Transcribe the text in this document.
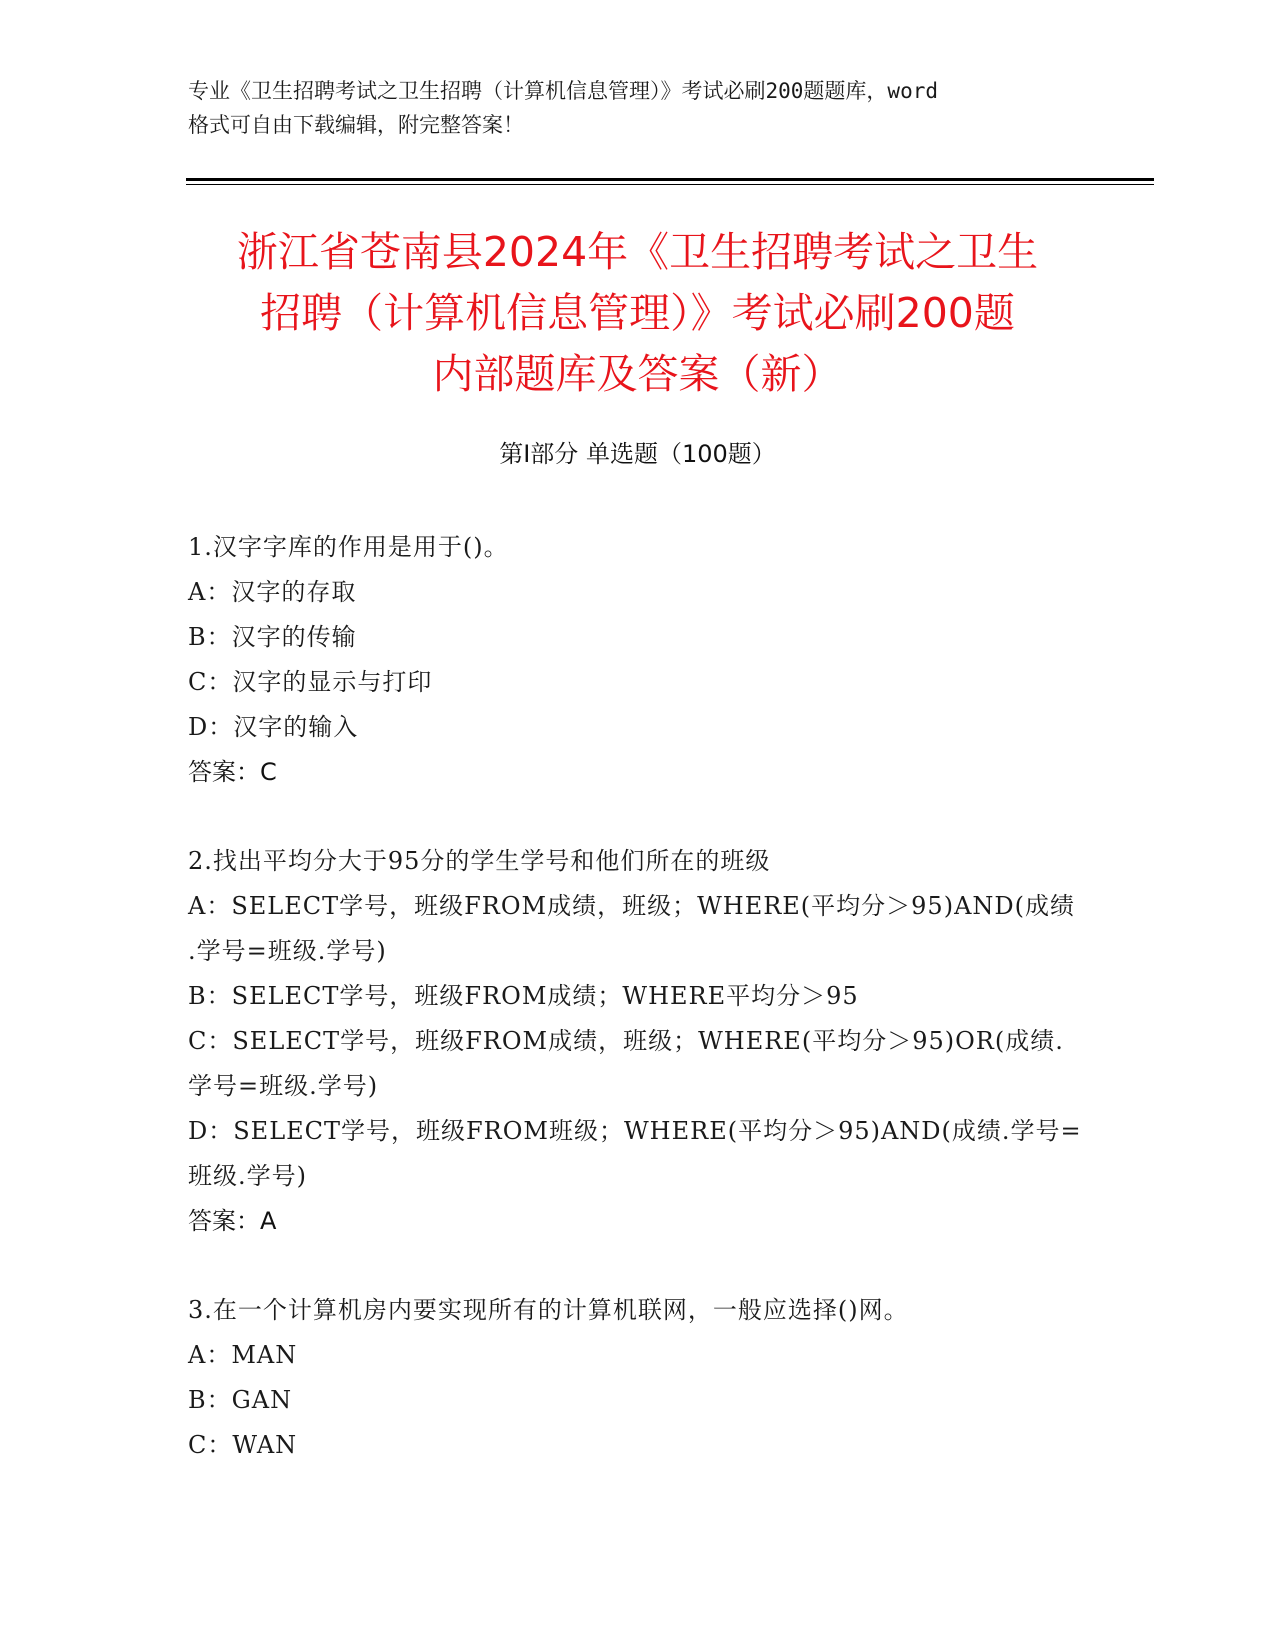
专业《卫生招聘考试之卫生招聘（计算机信息管理）》考试必刷200题题库，word
格式可自由下载编辑，附完整答案！
浙江省苍南县2024年《卫生招聘考试之卫生
招聘（计算机信息管理）》考试必刷200题
内部题库及答案（新）
第Ⅰ部分 单选题（100题）
1.汉字字库的作用是用于()。
A：汉字的存取
B：汉字的传输
C：汉字的显示与打印
D：汉字的输入
答案：C
2.找出平均分大于95分的学生学号和他们所在的班级
A：SELECT学号，班级FROM成绩，班级；WHERE(平均分＞95)AND(成绩
.学号=班级.学号)
B：SELECT学号，班级FROM成绩；WHERE平均分＞95
C：SELECT学号，班级FROM成绩，班级；WHERE(平均分＞95)OR(成绩.
学号=班级.学号)
D：SELECT学号，班级FROM班级；WHERE(平均分＞95)AND(成绩.学号=
班级.学号)
答案：A
3.在一个计算机房内要实现所有的计算机联网，一般应选择()网。
A：MAN
B：GAN
C：WAN
